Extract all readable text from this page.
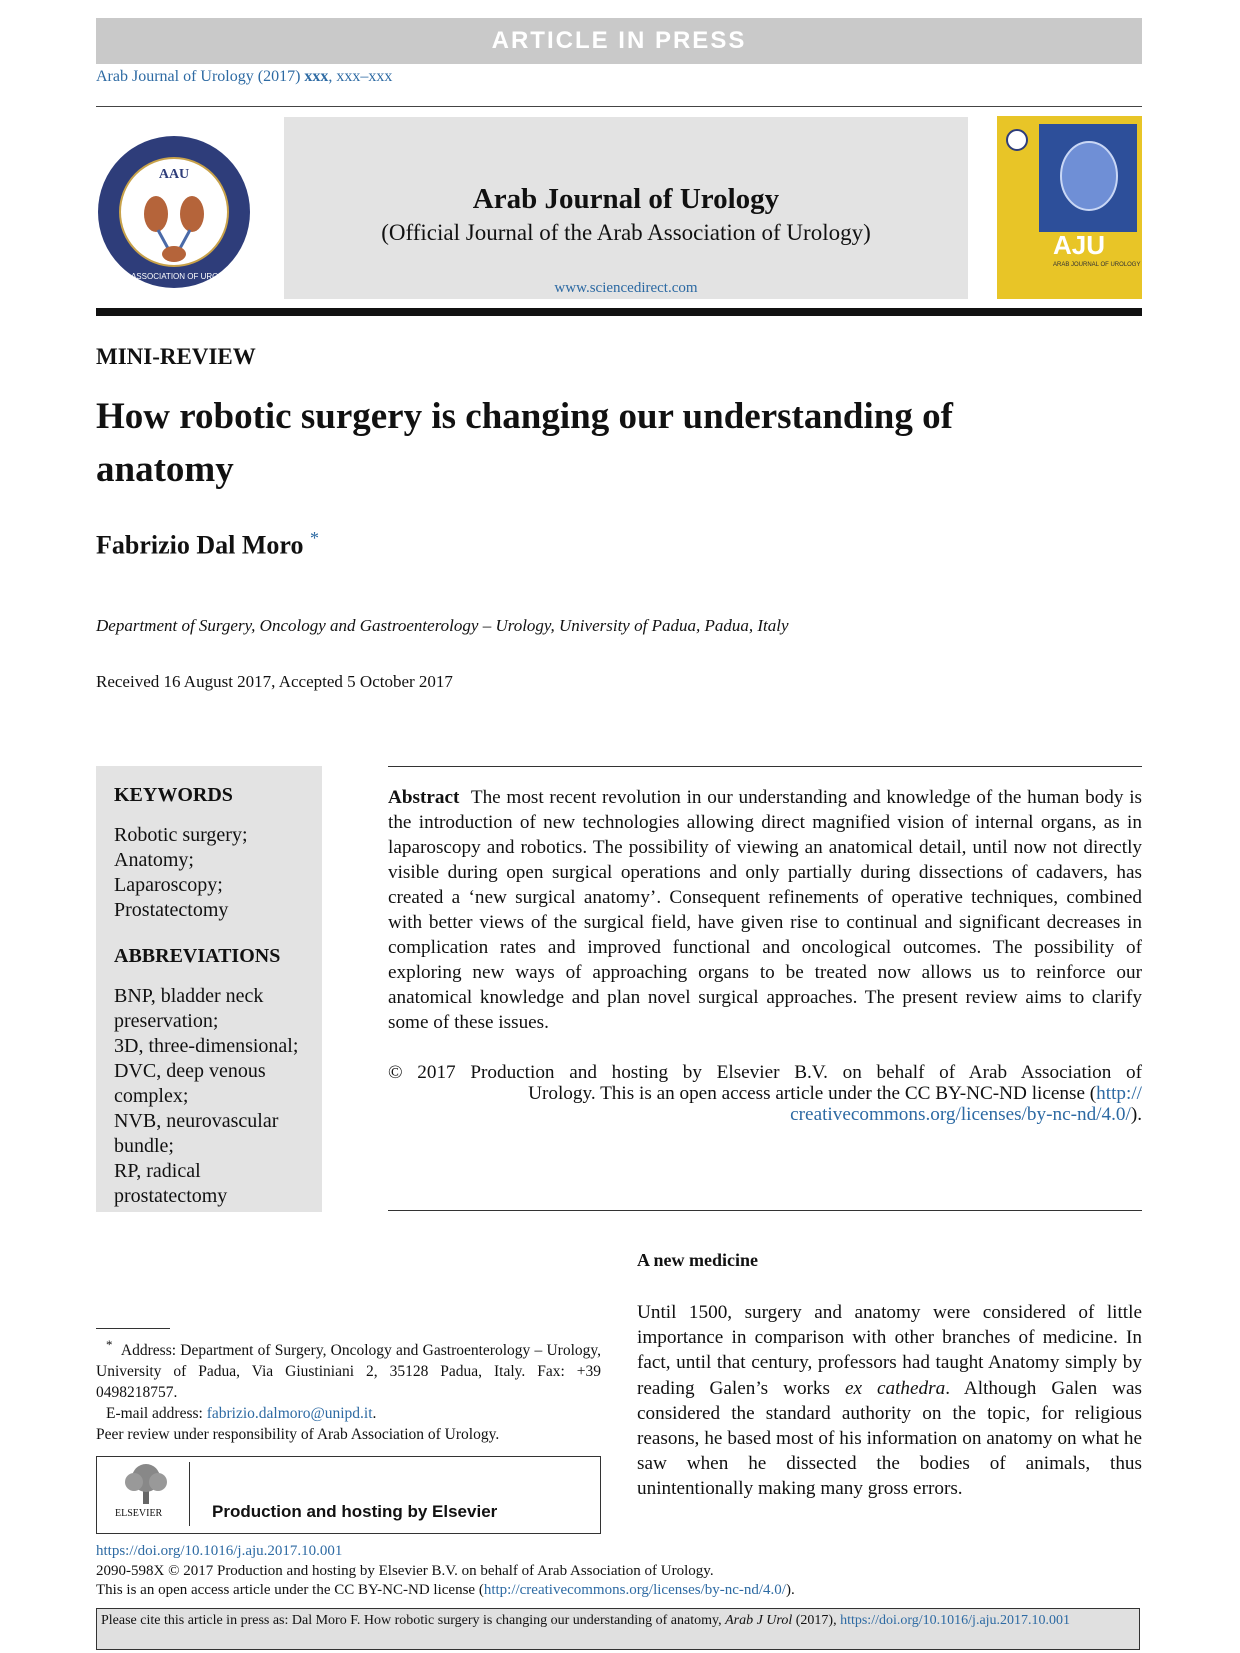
ARTICLE IN PRESS
Arab Journal of Urology (2017) xxx, xxx–xxx
AAU
ARAB ASSOCIATION OF UROLOGY
Arab Journal of Urology
(Official Journal of the Arab Association of Urology)
www.sciencedirect.com
AJU
ARAB JOURNAL OF UROLOGY
MINI-REVIEW
How robotic surgery is changing our understanding of anatomy
Fabrizio Dal Moro *
Department of Surgery, Oncology and Gastroenterology – Urology, University of Padua, Padua, Italy
Received 16 August 2017, Accepted 5 October 2017
KEYWORDS
Robotic surgery;
Anatomy;
Laparoscopy;
Prostatectomy
ABBREVIATIONS
BNP, bladder neck
preservation;
3D, three-dimensional;
DVC, deep venous
complex;
NVB, neurovascular
bundle;
RP, radical
prostatectomy
Abstract The most recent revolution in our understanding and knowledge of the human body is the introduction of new technologies allowing direct magnified vision of internal organs, as in laparoscopy and robotics. The possibility of viewing an anatomical detail, until now not directly visible during open surgical operations and only partially during dissections of cadavers, has created a ‘new surgical anatomy’. Consequent refinements of operative techniques, combined with better views of the surgical field, have given rise to continual and significant decreases in complication rates and improved functional and oncological outcomes. The possibility of exploring new ways of approaching organs to be treated now allows us to reinforce our anatomical knowledge and plan novel surgical approaches. The present review aims to clarify some of these issues.
© 2017 Production and hosting by Elsevier B.V. on behalf of Arab Association of
Urology. This is an open access article under the CC BY-NC-ND license (http://
creativecommons.org/licenses/by-nc-nd/4.0/).
A new medicine
Until 1500, surgery and anatomy were considered of little importance in comparison with other branches of medicine. In fact, until that century, professors had taught Anatomy simply by reading Galen’s works ex cathedra. Although Galen was considered the standard authority on the topic, for religious reasons, he based most of his information on anatomy on what he saw when he dissected the bodies of animals, thus unintentionally making many gross errors.
* Address: Department of Surgery, Oncology and Gastroenterology – Urology, University of Padua, Via Giustiniani 2, 35128 Padua, Italy. Fax: +39 0498218757.
E-mail address: fabrizio.dalmoro@unipd.it.
Peer review under responsibility of Arab Association of Urology.
ELSEVIER	Production and hosting by Elsevier
https://doi.org/10.1016/j.aju.2017.10.001
2090-598X © 2017 Production and hosting by Elsevier B.V. on behalf of Arab Association of Urology.
This is an open access article under the CC BY-NC-ND license (http://creativecommons.org/licenses/by-nc-nd/4.0/).
Please cite this article in press as: Dal Moro F. How robotic surgery is changing our understanding of anatomy, Arab J Urol (2017), https://doi.org/10.1016/j.aju.2017.10.001
